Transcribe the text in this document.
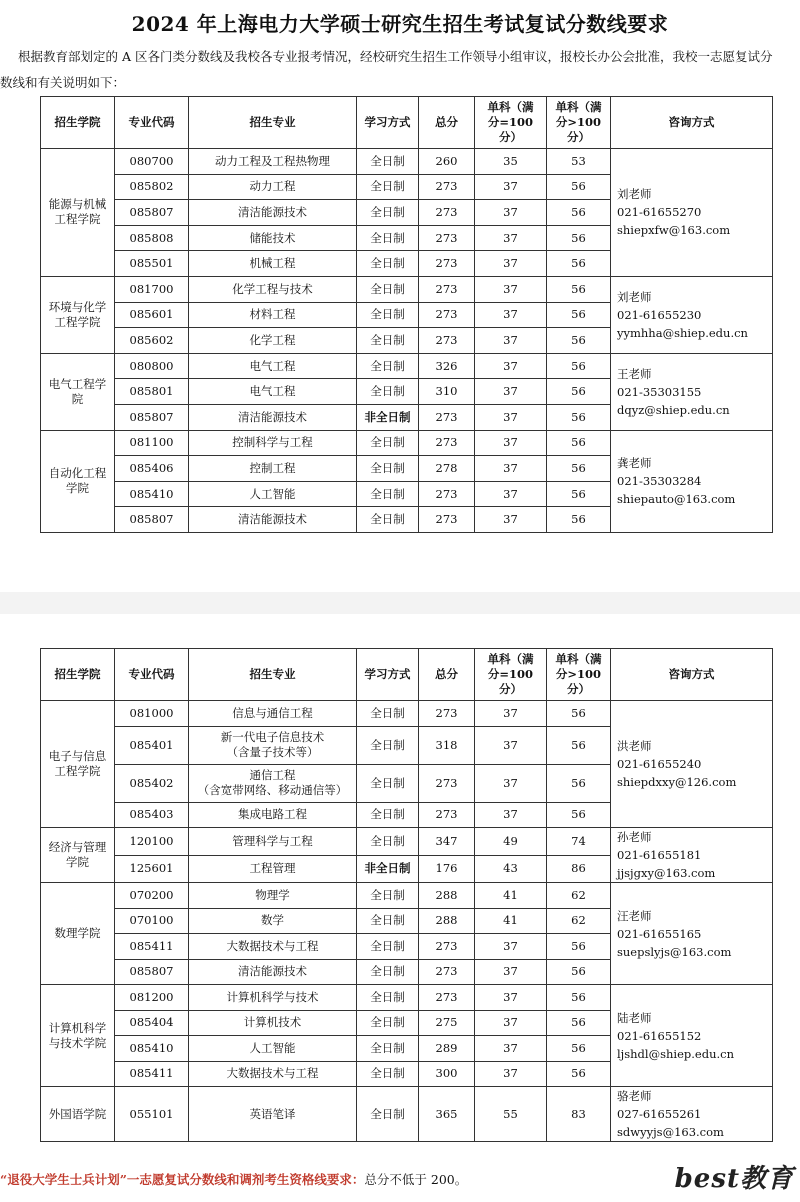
2024 年上海电力大学硕士研究生招生考试复试分数线要求
根据教育部划定的 A 区各门类分数线及我校各专业报考情况，经校研究生招生工作领导小组审议，报校长办公会批准，我校一志愿复试分
数线和有关说明如下：
招生学院	专业代码	招生专业	学习方式	总分	单科（满
分=100
分）	单科（满
分>100
分）	咨询方式
能源与机械
工程学院	080700	动力工程及工程热物理	全日制	260	35	53	刘老师
021-61655270
shiepxfw@163.com
	085802	动力工程	全日制	273	37	56	
	085807	清洁能源技术	全日制	273	37	56	
	085808	储能技术	全日制	273	37	56	
	085501	机械工程	全日制	273	37	56	
环境与化学
工程学院	081700	化学工程与技术	全日制	273	37	56	刘老师
021-61655230
yymhha@shiep.edu.cn
	085601	材料工程	全日制	273	37	56	
	085602	化学工程	全日制	273	37	56	
电气工程学
院	080800	电气工程	全日制	326	37	56	王老师
021-35303155
dqyz@shiep.edu.cn
	085801	电气工程	全日制	310	37	56	
	085807	清洁能源技术	非全日制	273	37	56	
自动化工程
学院	081100	控制科学与工程	全日制	273	37	56	龚老师
021-35303284
shiepauto@163.com
	085406	控制工程	全日制	278	37	56	
	085410	人工智能	全日制	273	37	56	
	085807	清洁能源技术	全日制	273	37	56	
招生学院	专业代码	招生专业	学习方式	总分	单科（满
分=100
分）	单科（满
分>100
分）	咨询方式
电子与信息
工程学院	081000	信息与通信工程	全日制	273	37	56	洪老师
021-61655240
shiepdxxy@126.com
	085401	新一代电子信息技术
（含量子技术等）	全日制	318	37	56	
	085402	通信工程
（含宽带网络、移动通信等）	全日制	273	37	56	
	085403	集成电路工程	全日制	273	37	56	
经济与管理
学院	120100	管理科学与工程	全日制	347	49	74	孙老师
021-61655181
jjsjgxy@163.com
	125601	工程管理	非全日制	176	43	86	
数理学院	070200	物理学	全日制	288	41	62	汪老师
021-61655165
suepslyjs@163.com
	070100	数学	全日制	288	41	62	
	085411	大数据技术与工程	全日制	273	37	56	
	085807	清洁能源技术	全日制	273	37	56	
计算机科学
与技术学院	081200	计算机科学与技术	全日制	273	37	56	陆老师
021-61655152
ljshdl@shiep.edu.cn
	085404	计算机技术	全日制	275	37	56	
	085410	人工智能	全日制	289	37	56	
	085411	大数据技术与工程	全日制	300	37	56	
外国语学院	055101	英语笔译	全日制	365	55	83	骆老师
027-61655261
sdwyyjs@163.com
“退役大学生士兵计划”一志愿复试分数线和调剂考生资格线要求：总分不低于 200。	best教育
